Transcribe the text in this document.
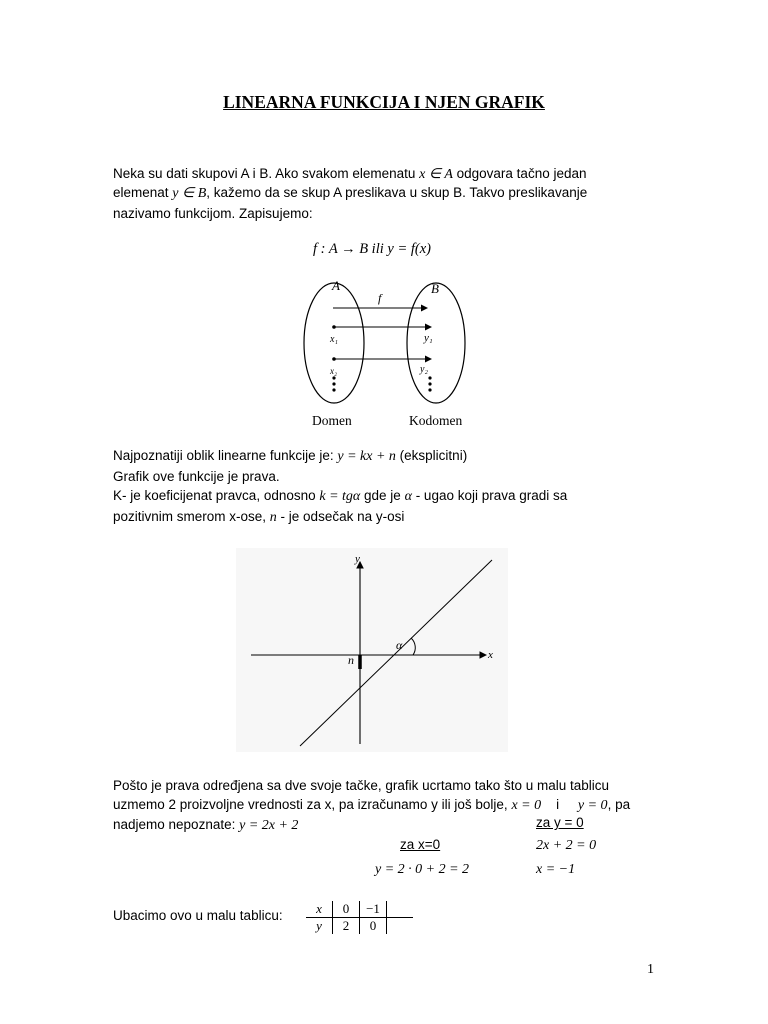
LINEARNA FUNKCIJA I NJEN GRAFIK
Neka su dati skupovi A i B. Ako svakom elemenatu x ∈ A odgovara tačno jedan
elemenat y ∈ B, kažemo da se skup A preslikava u skup B. Takvo preslikavanje
nazivamo funkcijom. Zapisujemo:
f : A → B ili y = f(x)
A	B
f
x₁	y₁
x₂	y₂
Domen	Kodomen
Najpoznatiji oblik linearne funkcije je: y = kx + n (eksplicitni)
Grafik ove funkcije je prava.
K- je koeficijenat pravca, odnosno k = tgα gde je α - ugao koji prava gradi sa
pozitivnim smerom x-ose, n - je odsečak na y-osi
y
x
n
α
Pošto je prava određjena sa dve svoje tačke, grafik ucrtamo tako što u malu tablicu
uzmemo 2 proizvoljne vrednosti za x, pa izračunamo y ili još bolje, x = 0 i y = 0, pa
nadjemo nepoznate: y = 2x + 2
za x=0
y = 2 · 0 + 2 = 2
za y = 0
2x + 2 = 0
x = −1
Ubacimo ovo u malu tablicu:	x	0	−1	
y	2	0	
1
